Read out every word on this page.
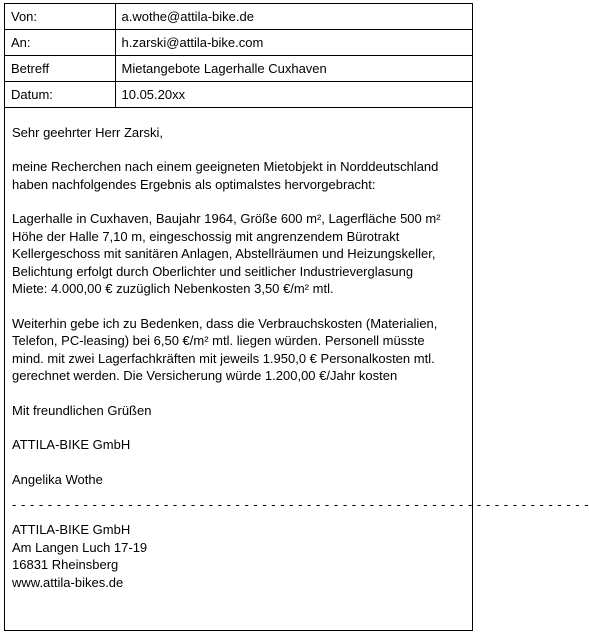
Von:	a.wothe@attila-bike.de
An:	h.zarski@attila-bike.com
Betreff	Mietangebote Lagerhalle Cuxhaven
Datum:	10.05.20xx

Sehr geehrter Herr Zarski,

meine Recherchen nach einem geeigneten Mietobjekt in Norddeutschland
haben nachfolgendes Ergebnis als optimalstes hervorgebracht:

Lagerhalle in Cuxhaven, Baujahr 1964, Größe 600 m², Lagerfläche 500 m²
Höhe der Halle 7,10 m, eingeschossig mit angrenzendem Bürotrakt
Kellergeschoss mit sanitären Anlagen, Abstellräumen und Heizungskeller,
Belichtung erfolgt durch Oberlichter und seitlicher Industrieverglasung
Miete: 4.000,00 € zuzüglich Nebenkosten 3,50 €/m² mtl.

Weiterhin gebe ich zu Bedenken, dass die Verbrauchskosten (Materialien,
Telefon, PC-leasing) bei 6,50 €/m² mtl. liegen würden. Personell müsste
mind. mit zwei Lagerfachkräften mit jeweils 1.950,0 € Personalkosten mtl.
gerechnet werden. Die Versicherung würde 1.200,00 €/Jahr kosten

Mit freundlichen Grüßen

ATTILA-BIKE GmbH

Angelika Wothe

- - - - - - - - - - - - - - - - - - - - - - - - - - - - - - - - - - - - - - - - - - - - - - - - - - - - - - - - - - - - - - - - -

ATTILA-BIKE GmbH
Am Langen Luch 17-19
16831 Rheinsberg
www.attila-bikes.de
